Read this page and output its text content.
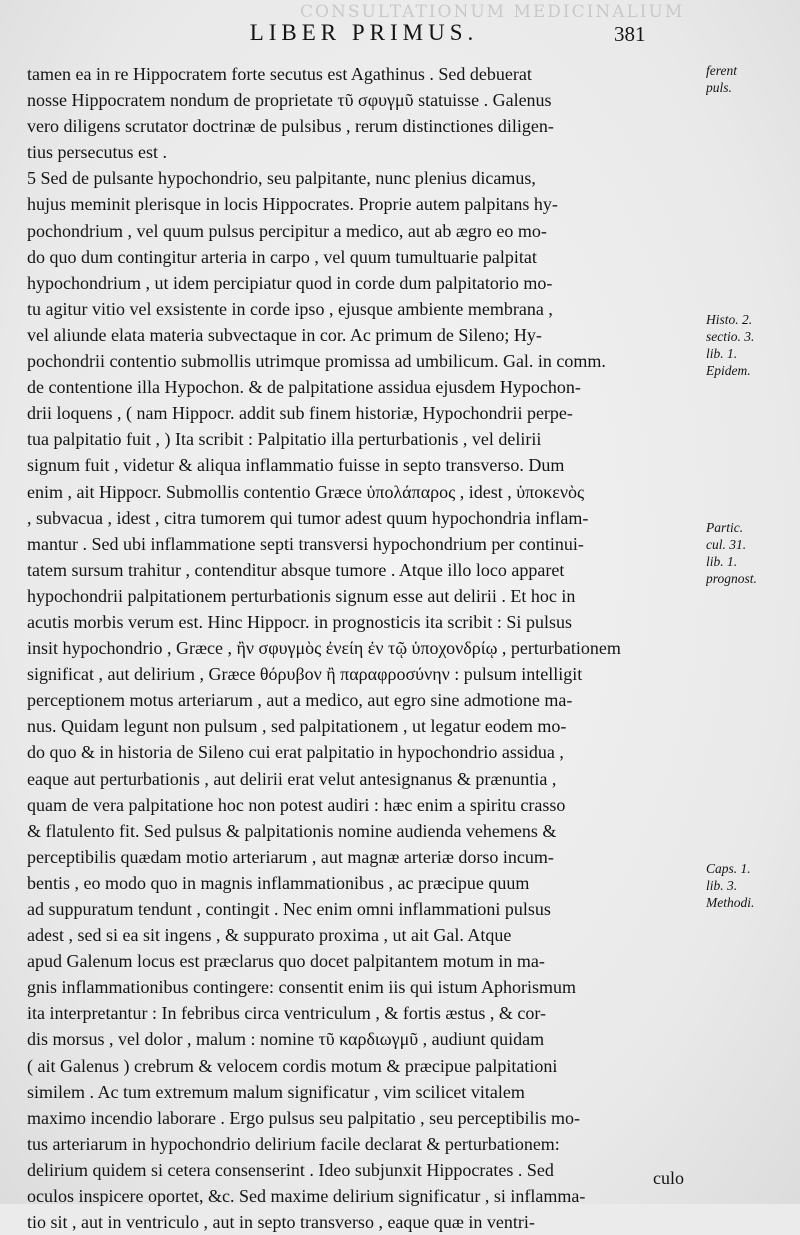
CONSULTATIONUM MEDICINALIUM
LIBER PRIMUS.	381
tamen ea in re Hippocratem forte secutus est Agathinus . Sed debuerat
nosse Hippocratem nondum de proprietate τῦ σφυγμῦ statuisse . Galenus
vero diligens scrutator doctrinæ de pulsibus , rerum distinctiones diligen-
tius persecutus est .
5 Sed de pulsante hypochondrio, seu palpitante, nunc plenius dicamus,
hujus meminit plerisque in locis Hippocrates. Proprie autem palpitans hy-
pochondrium , vel quum pulsus percipitur a medico, aut ab ægro eo mo-
do quo dum contingitur arteria in carpo , vel quum tumultuarie palpitat
hypochondrium , ut idem percipiatur quod in corde dum palpitatorio mo-
tu agitur vitio vel exsistente in corde ipso , ejusque ambiente membrana ,
vel aliunde elata materia subvectaque in cor. Ac primum de Sileno; Hy-
pochondrii contentio submollis utrimque promissa ad umbilicum. Gal. in comm.
de contentione illa Hypochon. & de palpitatione assidua ejusdem Hypochon-
drii loquens , ( nam Hippocr. addit sub finem historiæ, Hypochondrii perpe-
tua palpitatio fuit , ) Ita scribit : Palpitatio illa perturbationis , vel delirii
signum fuit , videtur & aliqua inflammatio fuisse in septo transverso. Dum
enim , ait Hippocr. Submollis contentio Græce ὑπολάπαρος , idest , ὑποκενὸς
, subvacua , idest , citra tumorem qui tumor adest quum hypochondria inflam-
mantur . Sed ubi inflammatione septi transversi hypochondrium per continui-
tatem sursum trahitur , contenditur absque tumore . Atque illo loco apparet
hypochondrii palpitationem perturbationis signum esse aut delirii . Et hoc in
acutis morbis verum est. Hinc Hippocr. in prognosticis ita scribit : Si pulsus
insit hypochondrio , Græce , ἢν σφυγμὸς ἐνείη ἐν τῷ ὑποχονδρίῳ , perturbationem
significat , aut delirium , Græce θόρυβον ἢ παραφροσύνην : pulsum intelligit
perceptionem motus arteriarum , aut a medico, aut egro sine admotione ma-
nus. Quidam legunt non pulsum , sed palpitationem , ut legatur eodem mo-
do quo & in historia de Sileno cui erat palpitatio in hypochondrio assidua ,
eaque aut perturbationis , aut delirii erat velut antesignanus & prænuntia ,
quam de vera palpitatione hoc non potest audiri : hæc enim a spiritu crasso
& flatulento fit. Sed pulsus & palpitationis nomine audienda vehemens &
perceptibilis quædam motio arteriarum , aut magnæ arteriæ dorso incum-
bentis , eo modo quo in magnis inflammationibus , ac præcipue quum
ad suppuratum tendunt , contingit . Nec enim omni inflammationi pulsus
adest , sed si ea sit ingens , & suppurato proxima , ut ait Gal. Atque
apud Galenum locus est præclarus quo docet palpitantem motum in ma-
gnis inflammationibus contingere: consentit enim iis qui istum Aphorismum
ita interpretantur : In febribus circa ventriculum , & fortis æstus , & cor-
dis morsus , vel dolor , malum : nomine τῦ καρδιωγμῦ , audiunt quidam
( ait Galenus ) crebrum & velocem cordis motum & præcipue palpitationi
similem . Ac tum extremum malum significatur , vim scilicet vitalem
maximo incendio laborare . Ergo pulsus seu palpitatio , seu perceptibilis mo-
tus arteriarum in hypochondrio delirium facile declarat & perturbationem:
delirium quidem si cetera consenserint . Ideo subjunxit Hippocrates . Sed
oculos inspicere oportet, &c. Sed maxime delirium significatur , si inflamma-
tio sit , aut in ventriculo , aut in septo transverso , eaque quæ in ventri-
ferent
puls.
Histo. 2.
sectio. 3.
lib. 1.
Epidem.
Partic.
cul. 31.
lib. 1.
prognost.
Caps. 1.
lib. 3.
Methodi.
culo
